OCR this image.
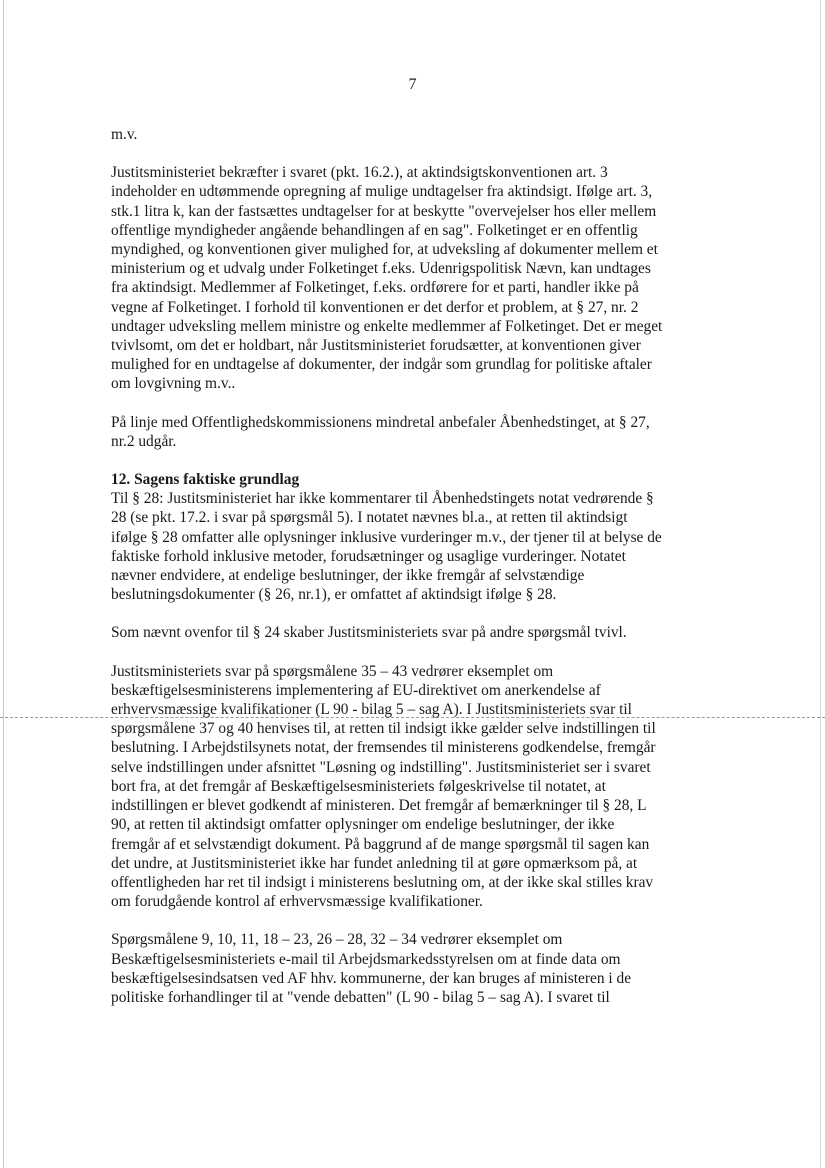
7

m.v.

Justitsministeriet bekræfter i svaret (pkt. 16.2.), at aktindsigtskonventionen art. 3
indeholder en udtømmende opregning af mulige undtagelser fra aktindsigt. Ifølge art. 3,
stk.1 litra k, kan der fastsættes undtagelser for at beskytte "overvejelser hos eller mellem
offentlige myndigheder angående behandlingen af en sag". Folketinget er en offentlig
myndighed, og konventionen giver mulighed for, at udveksling af dokumenter mellem et
ministerium og et udvalg under Folketinget f.eks. Udenrigspolitisk Nævn, kan undtages
fra aktindsigt. Medlemmer af Folketinget, f.eks. ordførere for et parti, handler ikke på
vegne af Folketinget. I forhold til konventionen er det derfor et problem, at § 27, nr. 2
undtager udveksling mellem ministre og enkelte medlemmer af Folketinget. Det er meget
tvivlsomt, om det er holdbart, når Justitsministeriet forudsætter, at konventionen giver
mulighed for en undtagelse af dokumenter, der indgår som grundlag for politiske aftaler
om lovgivning m.v..

På linje med Offentlighedskommissionens mindretal anbefaler Åbenhedstinget, at § 27,
nr.2 udgår.

12. Sagens faktiske grundlag
Til § 28: Justitsministeriet har ikke kommentarer til Åbenhedstingets notat vedrørende §
28 (se pkt. 17.2. i svar på spørgsmål 5). I notatet nævnes bl.a., at retten til aktindsigt
ifølge § 28 omfatter alle oplysninger inklusive vurderinger m.v., der tjener til at belyse de
faktiske forhold inklusive metoder, forudsætninger og usaglige vurderinger. Notatet
nævner endvidere, at endelige beslutninger, der ikke fremgår af selvstændige
beslutningsdokumenter (§ 26, nr.1), er omfattet af aktindsigt ifølge § 28.

Som nævnt ovenfor til § 24 skaber Justitsministeriets svar på andre spørgsmål tvivl.

Justitsministeriets svar på spørgsmålene 35 – 43 vedrører eksemplet om
beskæftigelsesministerens implementering af EU-direktivet om anerkendelse af
erhvervsmæssige kvalifikationer (L 90 - bilag 5 – sag A). I Justitsministeriets svar til
spørgsmålene 37 og 40 henvises til, at retten til indsigt ikke gælder selve indstillingen til
beslutning. I Arbejdstilsynets notat, der fremsendes til ministerens godkendelse, fremgår
selve indstillingen under afsnittet "Løsning og indstilling". Justitsministeriet ser i svaret
bort fra, at det fremgår af Beskæftigelsesministeriets følgeskrivelse til notatet, at
indstillingen er blevet godkendt af ministeren. Det fremgår af bemærkninger til § 28, L
90, at retten til aktindsigt omfatter oplysninger om endelige beslutninger, der ikke
fremgår af et selvstændigt dokument. På baggrund af de mange spørgsmål til sagen kan
det undre, at Justitsministeriet ikke har fundet anledning til at gøre opmærksom på, at
offentligheden har ret til indsigt i ministerens beslutning om, at der ikke skal stilles krav
om forudgående kontrol af erhvervsmæssige kvalifikationer.

Spørgsmålene 9, 10, 11, 18 – 23, 26 – 28, 32 – 34 vedrører eksemplet om
Beskæftigelsesministeriets e-mail til Arbejdsmarkedsstyrelsen om at finde data om
beskæftigelsesindsatsen ved AF hhv. kommunerne, der kan bruges af ministeren i de
politiske forhandlinger til at "vende debatten" (L 90 - bilag 5 – sag A). I svaret til
